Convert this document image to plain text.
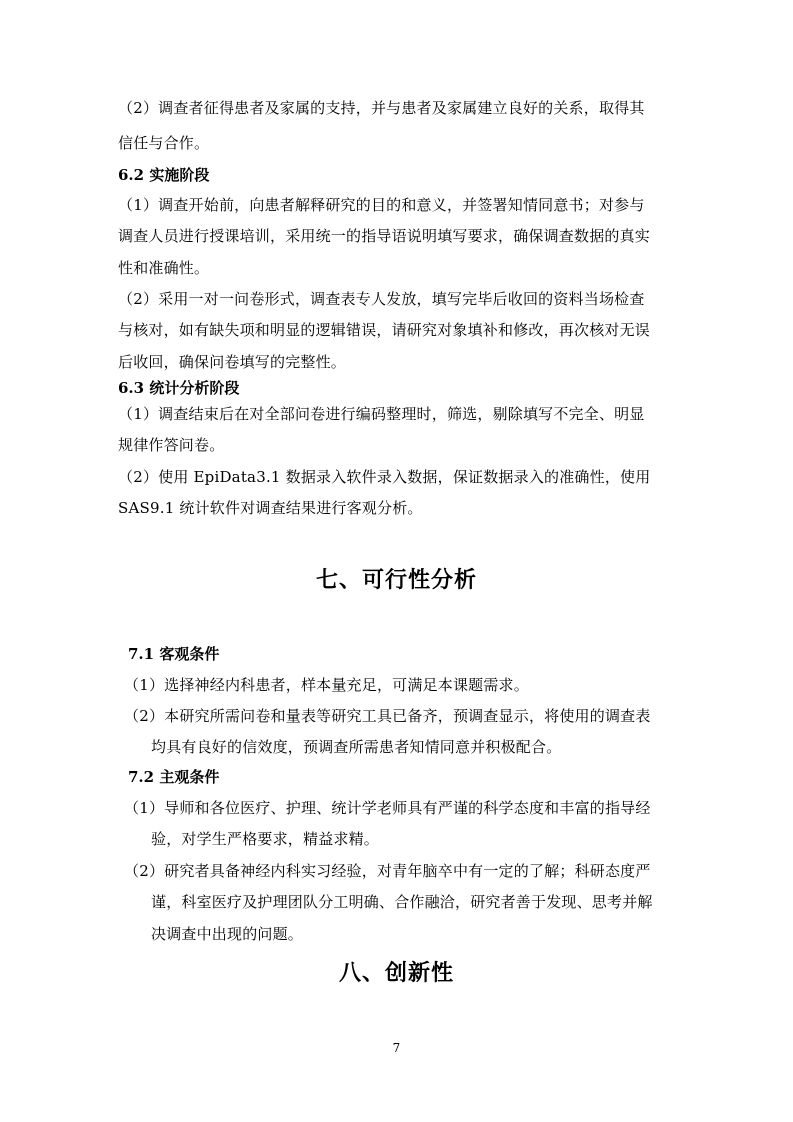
（2）调查者征得患者及家属的支持，并与患者及家属建立良好的关系，取得其
信任与合作。
6.2 实施阶段
（1）调查开始前，向患者解释研究的目的和意义，并签署知情同意书；对参与
调查人员进行授课培训，采用统一的指导语说明填写要求，确保调查数据的真实
性和准确性。
（2）采用一对一问卷形式，调查表专人发放，填写完毕后收回的资料当场检查
与核对，如有缺失项和明显的逻辑错误，请研究对象填补和修改，再次核对无误
后收回，确保问卷填写的完整性。
6.3 统计分析阶段
（1）调查结束后在对全部问卷进行编码整理时，筛选，剔除填写不完全、明显
规律作答问卷。
（2）使用 EpiData3.1 数据录入软件录入数据，保证数据录入的准确性，使用
SAS9.1 统计软件对调查结果进行客观分析。
七、可行性分析
7.1 客观条件
（1）选择神经内科患者，样本量充足，可满足本课题需求。
（2）本研究所需问卷和量表等研究工具已备齐，预调查显示，将使用的调查表
均具有良好的信效度，预调查所需患者知情同意并积极配合。
7.2 主观条件
（1）导师和各位医疗、护理、统计学老师具有严谨的科学态度和丰富的指导经
验，对学生严格要求，精益求精。
（2）研究者具备神经内科实习经验，对青年脑卒中有一定的了解；科研态度严
谨，科室医疗及护理团队分工明确、合作融洽，研究者善于发现、思考并解
决调查中出现的问题。
八、创新性
7
